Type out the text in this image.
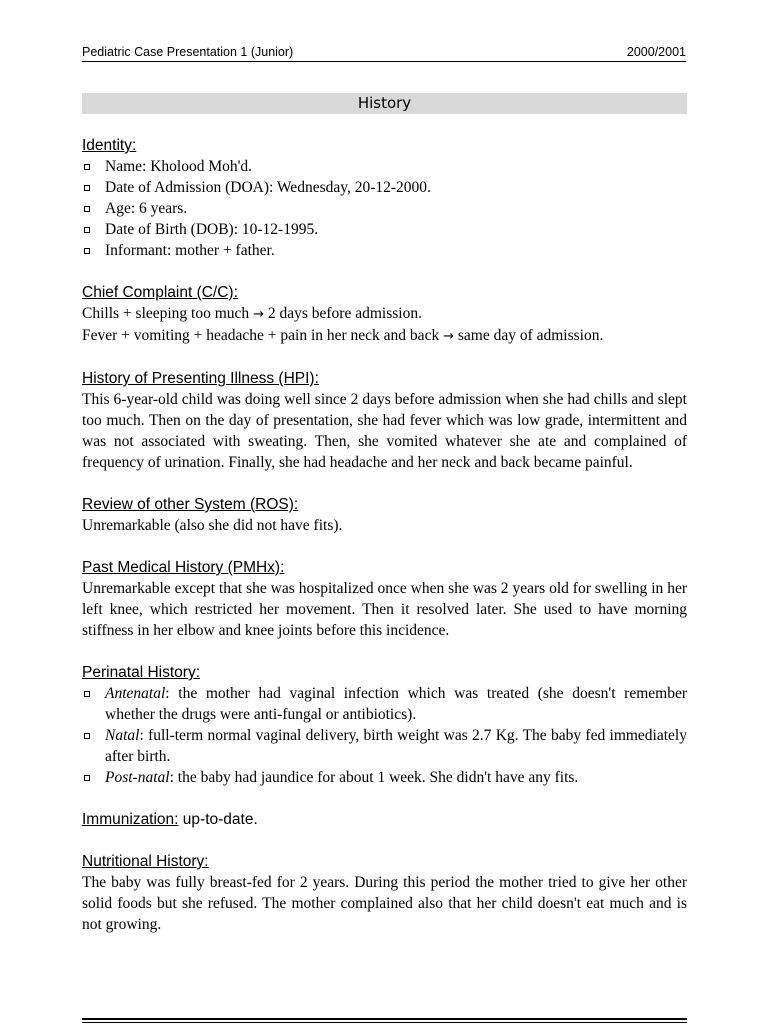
Pediatric Case Presentation 1 (Junior)	2000/2001
History
Identity:
Name: Kholood Moh'd.
Date of Admission (DOA): Wednesday, 20-12-2000.
Age: 6 years.
Date of Birth (DOB): 10-12-1995.
Informant: mother + father.
Chief Complaint (C/C):

Chills + sleeping too much → 2 days before admission.

Fever + vomiting + headache + pain in her neck and back → same day of admission.

History of Presenting Illness (HPI):

This 6-year-old child was doing well since 2 days before admission when she had chills and slept too much. Then on the day of presentation, she had fever which was low grade, intermittent and was not associated with sweating. Then, she vomited whatever she ate and complained of frequency of urination. Finally, she had headache and her neck and back became painful.

Review of other System (ROS):

Unremarkable (also she did not have fits).

Past Medical History (PMHx):

Unremarkable except that she was hospitalized once when she was 2 years old for swelling in her left knee, which restricted her movement. Then it resolved later. She used to have morning stiffness in her elbow and knee joints before this incidence.

Perinatal History:
Antenatal: the mother had vaginal infection which was treated (she doesn't remember whether the drugs were anti-fungal or antibiotics).
Natal: full-term normal vaginal delivery, birth weight was 2.7 Kg. The baby fed immediately after birth.
Post-natal: the baby had jaundice for about 1 week. She didn't have any fits.
Immunization: up-to-date.
Nutritional History:

The baby was fully breast-fed for 2 years. During this period the mother tried to give her other solid foods but she refused. The mother complained also that her child doesn't eat much and is not growing.
